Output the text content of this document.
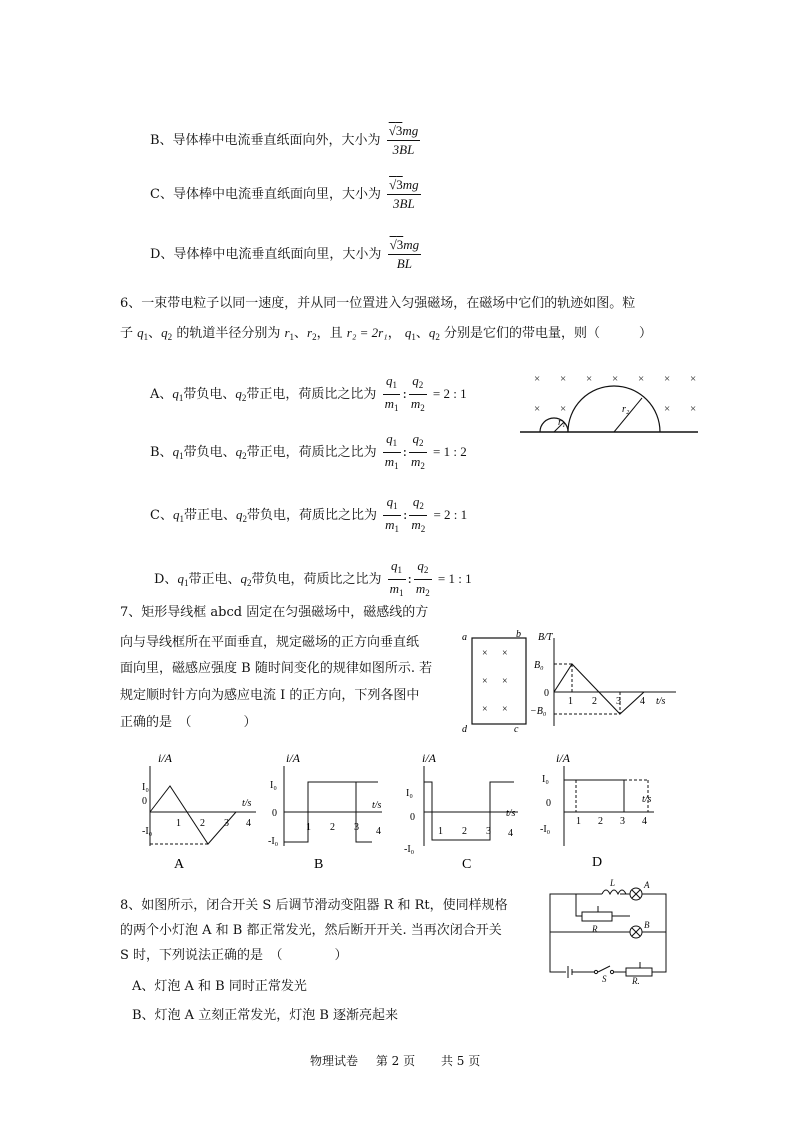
B、导体棒中电流垂直纸面向外，大小为 $\frac{√3mg}{3BL}$
C、导体棒中电流垂直纸面向里，大小为 $\frac{√3mg}{3BL}$
D、导体棒中电流垂直纸面向里，大小为 $\frac{√3mg}{BL}$
6、一束带电粒子以同一速度，并从同一位置进入匀强磁场，在磁场中它们的轨迹如图。粒
子 $q_1$、$q_2$ 的轨道半径分别为 $r_1$、$r_2$，且 r₂ = 2r₁， $q_1$、$q_2$ 分别是它们的带电量，则（　　　）
A、$q_1$带负电、$q_2$带正电，荷质比之比为 $\frac{q_1}{m_1}$ : $\frac{q_2}{m_2} = 2$ : 1
B、$q_1$带负电、$q_2$带正电，荷质比之比为 $\frac{q_1}{m_1}$ : $\frac{q_2}{m_2} = 1$ : 2
C、$q_1$带正电、$q_2$带负电，荷质比之比为 $\frac{q_1}{m_1}$ : $\frac{q_2}{m_2} = 2$ : 1
D、$q_1$带正电、$q_2$带负电，荷质比之比为 $\frac{q_1}{m_1}$ : $\frac{q_2}{m_2} = 1$ : 1
× × × × × × ×
× ×	× ×
r₁
r₂
7、矩形导线框 abcd 固定在匀强磁场中，磁感线的方
向与导线框所在平面垂直，规定磁场的正方向垂直纸
面向里，磁感应强度 B 随时间变化的规律如图所示. 若
规定顺时针方向为感应电流 I 的正方向，下列各图中
正确的是　（　　　　）
a	b
c
d
× ×
× ×
× ×
B/T
B₀
−B₀
0
1 2 3 4 t/s
i/A
I₀
0
-I₀
1 2 3 4
t/s
A
i/A
I₀
0
-I₀
1 2 3 4
t/s
B
i/A
I₀
0
-I₀
1 2 3 4
t/s
C
i/A
I₀
0
-I₀
1 2 3 4
t/s
D
8、如图所示，闭合开关 S 后调节滑动变阻器 R 和 Rt，使同样规格
的两个小灯泡 A 和 B 都正常发光，然后断开开关. 当再次闭合开关
S 时，下列说法正确的是　（　　　　）
A、灯泡 A 和 B 同时正常发光
B、灯泡 A 立刻正常发光，灯泡 B 逐渐亮起来
L	A
B
R
S	R.
物理试卷 第 2 页 共 5 页
